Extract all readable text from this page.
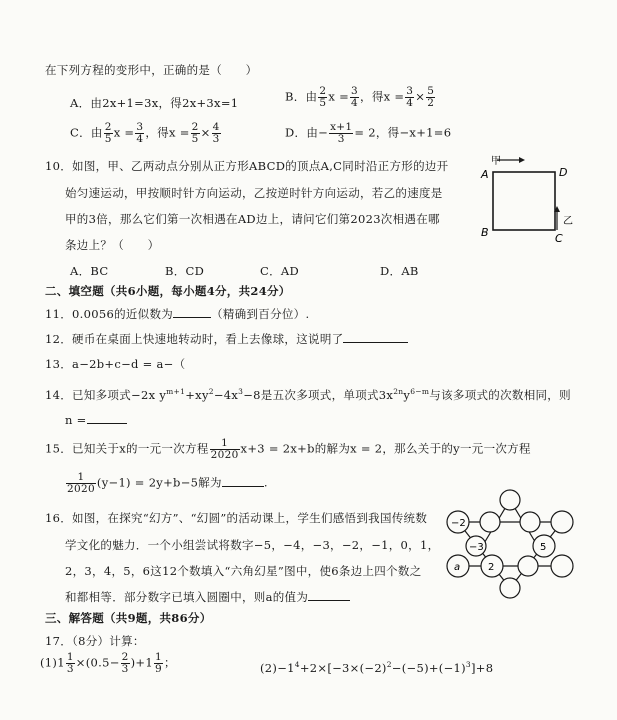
在下列方程的变形中，正确的是（　　）
A．由2x+1=3x，得2x+3x=1	B．由 $\frac{2}{5}$ $x = \frac{3}{4}$ ，得$x = \frac{3}{4} \times \frac{5}{2}$
C．由 $\frac{2}{5}$ $x = \frac{3}{4}$ ，得$x = \frac{2}{5} \times \frac{4}{3}$	D．由− $\frac{x+1}{3} = 2$，得−x+1=6
10．如图，甲、乙两动点分别从正方形ABCD的顶点A,C同时沿正方形的边开
始匀速运动，甲按顺时针方向运动，乙按逆时针方向运动，若乙的速度是
甲的3倍，那么它们第一次相遇在AD边上，请问它们第2023次相遇在哪
条边上？（　　）
A．BC	B．CD	C．AD	D．AB
A	D
B	C
甲
乙
二、填空题（共6小题，每小题4分，共24分）
11．0.0056的近似数为	（精确到百分位）.
12．硬币在桌面上快速地转动时，看上去像球，这说明了
13．a−2b+c−d = a−（
14．已知多项式−2x $y^{m+1}+xy^2-4x^3-8$是五次多项式，单项式$3x^{2n}y^{6-m}$与该多项式的次数相同，则
n =
15．已知关于x的一元一次方程 $\frac{1}{2020} x+3 = 2x+b$的解为x = 2，那么关于的y一元一次方程
$\frac{1}{2020} (y-1) = 2y+b-5$解为	.
16．如图，在探究“幻方”、“幻圆”的活动课上，学生们感悟到我国传统数
学文化的魅力．一个小组尝试将数字−5，−4，−3，−2，−1，0，1，
2，3，4，5，6这12个数填入“六角幻星”图中，使6条边上四个数之
和都相等．部分数字已填入圆圈中，则a的值为
−2
−3	5
a	2
三、解答题（共9题，共86分）
17．（8分）计算：
$(1)1 \frac{1}{3} \times(0.5- \frac{2}{3} )+1 \frac{1}{9}$ ；	$(2)-1^4+2\times[-3\times(-2)^2-(-5)+(-1)^3]+8$
